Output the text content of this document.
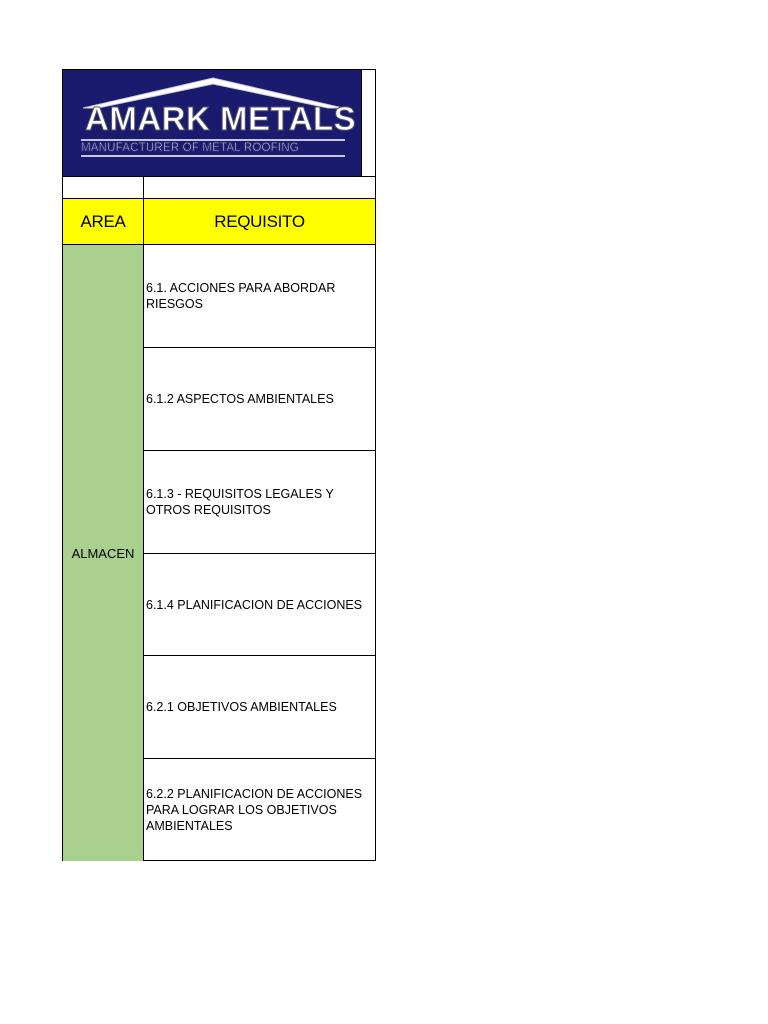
AMARK METALS
MANUFACTURER OF METAL ROOFING
AREA	REQUISITO
ALMACEN
6.1. ACCIONES PARA ABORDAR RIESGOS
6.1.2 ASPECTOS AMBIENTALES
6.1.3 - REQUISITOS LEGALES Y OTROS REQUISITOS
6.1.4 PLANIFICACION DE ACCIONES
6.2.1 OBJETIVOS AMBIENTALES
6.2.2 PLANIFICACION DE ACCIONES PARA LOGRAR LOS OBJETIVOS AMBIENTALES
